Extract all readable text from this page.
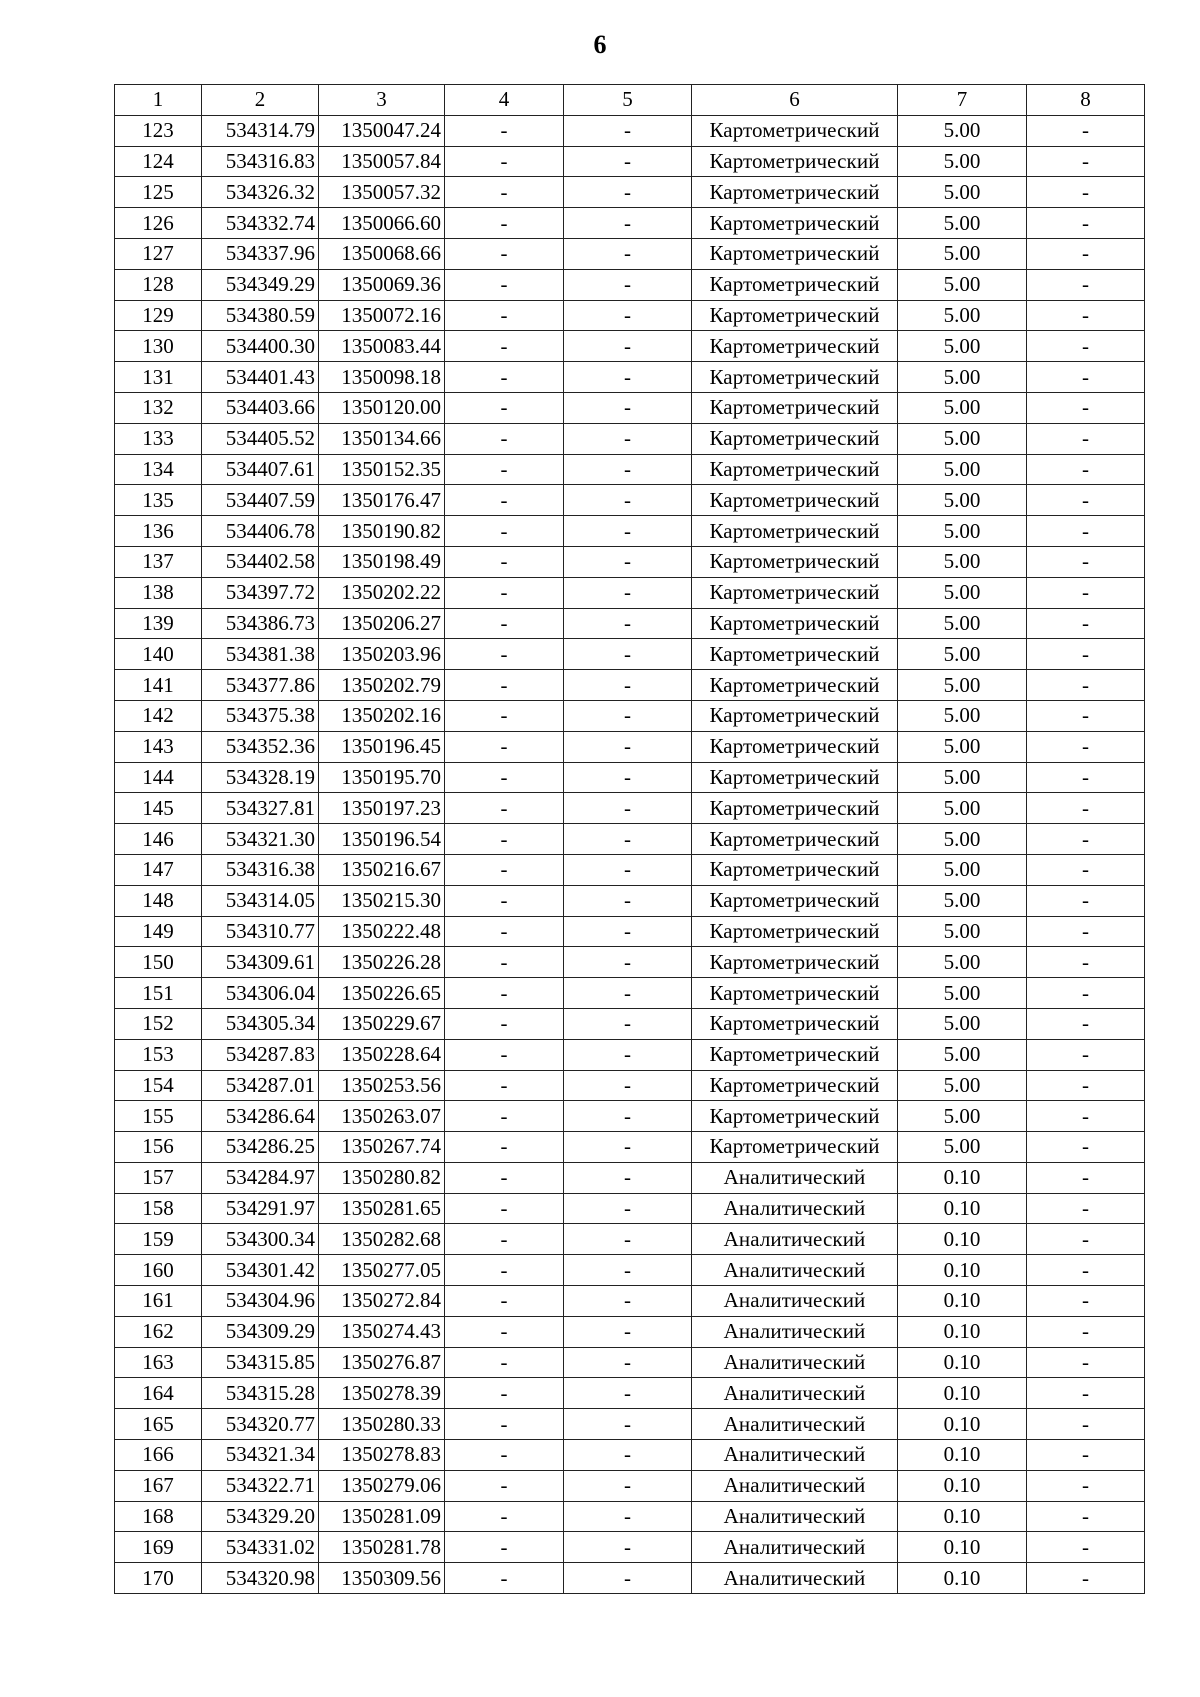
6
1	2	3	4	5	6	7	8
123	534314.79	1350047.24	-	-	Картометрический	5.00	-
124	534316.83	1350057.84	-	-	Картометрический	5.00	-
125	534326.32	1350057.32	-	-	Картометрический	5.00	-
126	534332.74	1350066.60	-	-	Картометрический	5.00	-
127	534337.96	1350068.66	-	-	Картометрический	5.00	-
128	534349.29	1350069.36	-	-	Картометрический	5.00	-
129	534380.59	1350072.16	-	-	Картометрический	5.00	-
130	534400.30	1350083.44	-	-	Картометрический	5.00	-
131	534401.43	1350098.18	-	-	Картометрический	5.00	-
132	534403.66	1350120.00	-	-	Картометрический	5.00	-
133	534405.52	1350134.66	-	-	Картометрический	5.00	-
134	534407.61	1350152.35	-	-	Картометрический	5.00	-
135	534407.59	1350176.47	-	-	Картометрический	5.00	-
136	534406.78	1350190.82	-	-	Картометрический	5.00	-
137	534402.58	1350198.49	-	-	Картометрический	5.00	-
138	534397.72	1350202.22	-	-	Картометрический	5.00	-
139	534386.73	1350206.27	-	-	Картометрический	5.00	-
140	534381.38	1350203.96	-	-	Картометрический	5.00	-
141	534377.86	1350202.79	-	-	Картометрический	5.00	-
142	534375.38	1350202.16	-	-	Картометрический	5.00	-
143	534352.36	1350196.45	-	-	Картометрический	5.00	-
144	534328.19	1350195.70	-	-	Картометрический	5.00	-
145	534327.81	1350197.23	-	-	Картометрический	5.00	-
146	534321.30	1350196.54	-	-	Картометрический	5.00	-
147	534316.38	1350216.67	-	-	Картометрический	5.00	-
148	534314.05	1350215.30	-	-	Картометрический	5.00	-
149	534310.77	1350222.48	-	-	Картометрический	5.00	-
150	534309.61	1350226.28	-	-	Картометрический	5.00	-
151	534306.04	1350226.65	-	-	Картометрический	5.00	-
152	534305.34	1350229.67	-	-	Картометрический	5.00	-
153	534287.83	1350228.64	-	-	Картометрический	5.00	-
154	534287.01	1350253.56	-	-	Картометрический	5.00	-
155	534286.64	1350263.07	-	-	Картометрический	5.00	-
156	534286.25	1350267.74	-	-	Картометрический	5.00	-
157	534284.97	1350280.82	-	-	Аналитический	0.10	-
158	534291.97	1350281.65	-	-	Аналитический	0.10	-
159	534300.34	1350282.68	-	-	Аналитический	0.10	-
160	534301.42	1350277.05	-	-	Аналитический	0.10	-
161	534304.96	1350272.84	-	-	Аналитический	0.10	-
162	534309.29	1350274.43	-	-	Аналитический	0.10	-
163	534315.85	1350276.87	-	-	Аналитический	0.10	-
164	534315.28	1350278.39	-	-	Аналитический	0.10	-
165	534320.77	1350280.33	-	-	Аналитический	0.10	-
166	534321.34	1350278.83	-	-	Аналитический	0.10	-
167	534322.71	1350279.06	-	-	Аналитический	0.10	-
168	534329.20	1350281.09	-	-	Аналитический	0.10	-
169	534331.02	1350281.78	-	-	Аналитический	0.10	-
170	534320.98	1350309.56	-	-	Аналитический	0.10	-
